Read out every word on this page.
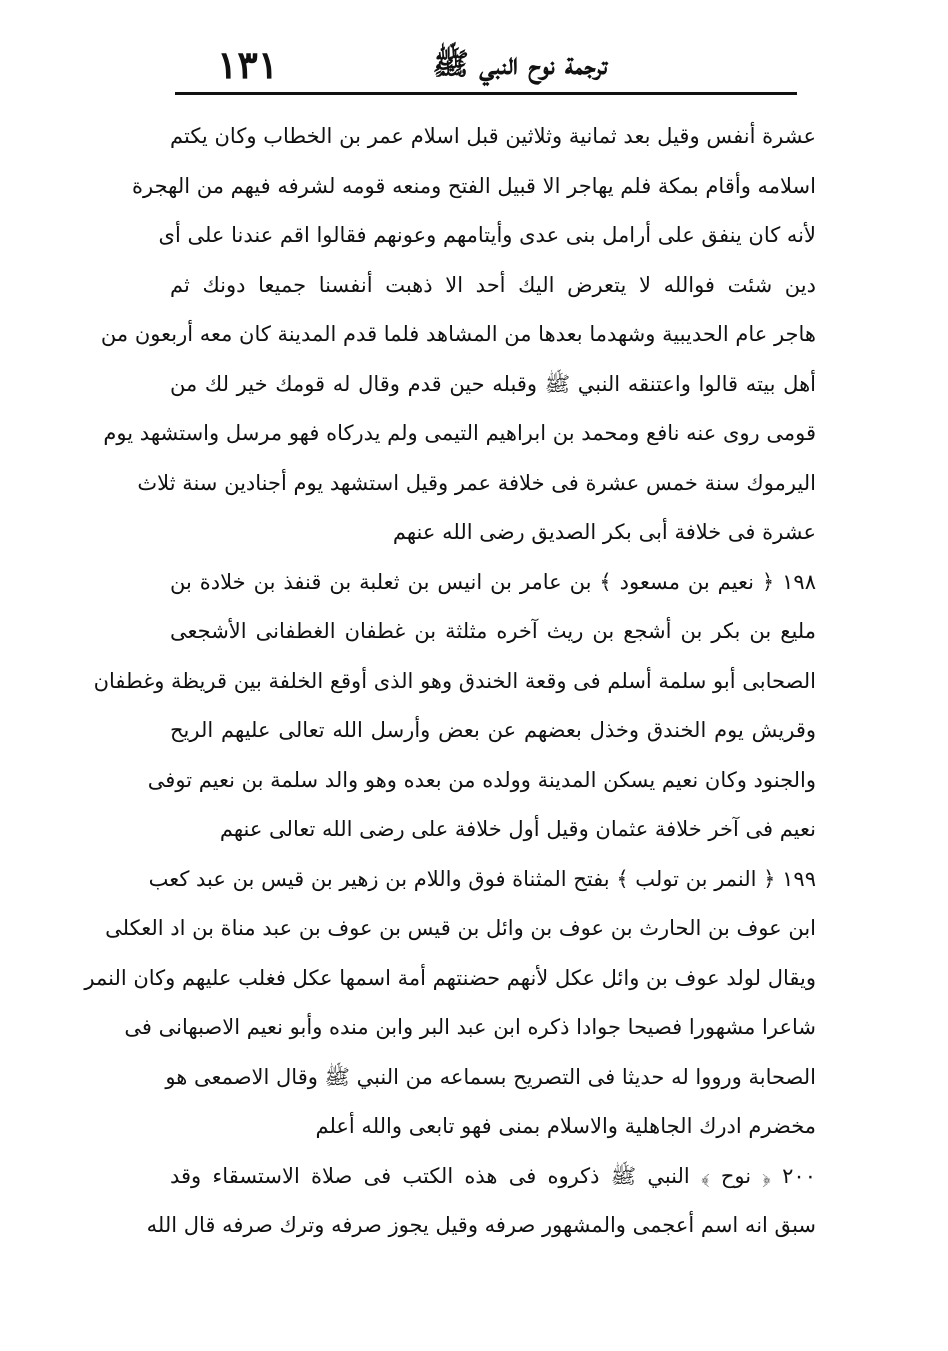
١٣١	ترجمة نوح النبي ﷺ
عشرة أنفس وقيل بعد ثمانية وثلاثين قبل اسلام عمر بن الخطاب وكان يكتم
اسلامه وأقام بمكة فلم يهاجر الا قبيل الفتح ومنعه قومه لشرفه فيهم من الهجرة
لأنه كان ينفق على أرامل بنى عدى وأيتامهم وعونهم فقالوا اقم عندنا على أى
دين شئت فوالله لا يتعرض اليك أحد الا ذهبت أنفسنا جميعا دونك ثم
هاجر عام الحديبية وشهدما بعدها من المشاهد فلما قدم المدينة كان معه أربعون من
أهل بيته قالوا واعتنقه النبي ﷺ وقبله حين قدم وقال له قومك خير لك من
قومى روى عنه نافع ومحمد بن ابراهيم التيمى ولم يدركاه فهو مرسل واستشهد يوم
اليرموك سنة خمس عشرة فى خلافة عمر وقيل استشهد يوم أجنادين سنة ثلاث
عشرة فى خلافة أبى بكر الصديق رضى الله عنهم
١٩٨ ﴿ نعيم بن مسعود ﴾ بن عامر بن انيس بن ثعلبة بن قنفذ بن خلادة بن
مليع بن بكر بن أشجع بن ريث آخره مثلثة بن غطفان الغطفانى الأشجعى
الصحابى أبو سلمة أسلم فى وقعة الخندق وهو الذى أوقع الخلفة بين قريظة وغطفان
وقريش يوم الخندق وخذل بعضهم عن بعض وأرسل الله تعالى عليهم الريح
والجنود وكان نعيم يسكن المدينة وولده من بعده وهو والد سلمة بن نعيم توفى
نعيم فى آخر خلافة عثمان وقيل أول خلافة على رضى الله تعالى عنهم
١٩٩ ﴿ النمر بن تولب ﴾ بفتح المثناة فوق واللام بن زهير بن قيس بن عبد كعب
ابن عوف بن الحارث بن عوف بن وائل بن قيس بن عوف بن عبد مناة بن اد العكلى
ويقال لولد عوف بن وائل عكل لأنهم حضنتهم أمة اسمها عكل فغلب عليهم وكان النمر
شاعرا مشهورا فصيحا جوادا ذكره ابن عبد البر وابن منده وأبو نعيم الاصبهانى فى
الصحابة ورووا له حديثا فى التصريح بسماعه من النبي ﷺ وقال الاصمعى هو
مخضرم ادرك الجاهلية والاسلام بمنى فهو تابعى والله أعلم
٢٠٠ ﴿ نوح ﴾ النبي ﷺ ذكروه فى هذه الكتب فى صلاة الاستسقاء وقد
سبق انه اسم أعجمى والمشهور صرفه وقيل يجوز صرفه وترك صرفه قال الله
